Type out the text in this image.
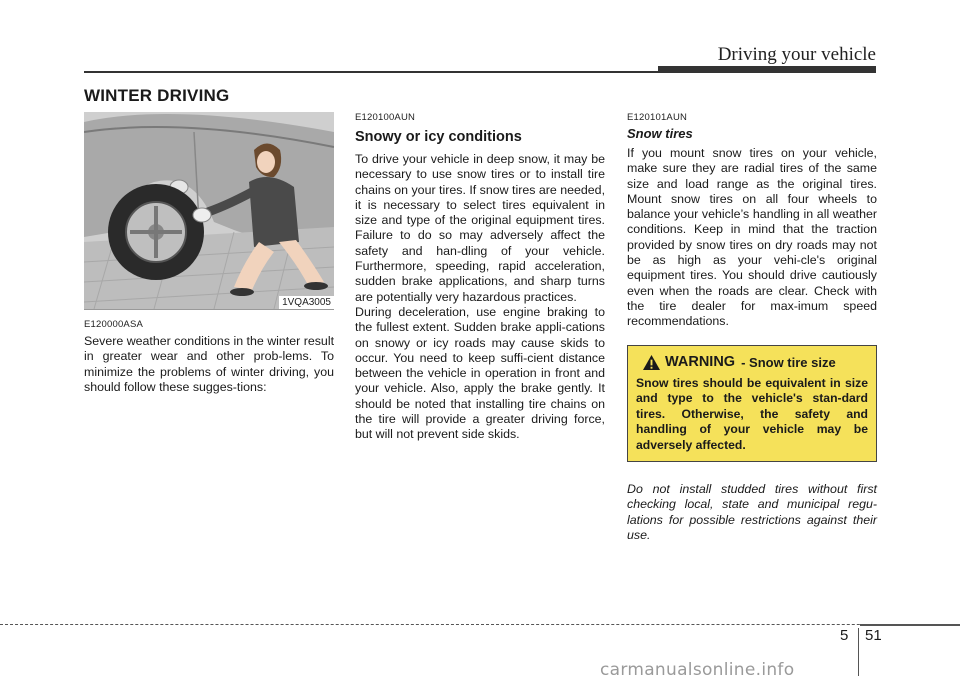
Driving your vehicle
WINTER DRIVING
1VQA3005

E120000ASA

Severe weather conditions in the winter result in greater wear and other prob-lems. To minimize the problems of winter driving, you should follow these sugges-tions:

E120100AUN

Snowy or icy conditions

To drive your vehicle in deep snow, it may be necessary to use snow tires or to install tire chains on your tires. If snow tires are needed, it is necessary to select tires equivalent in size and type of the original equipment tires. Failure to do so may adversely affect the safety and han-dling of your vehicle. Furthermore, speeding, rapid acceleration, sudden brake applications, and sharp turns are potentially very hazardous practices.

During deceleration, use engine braking to the fullest extent. Sudden brake appli-cations on snowy or icy roads may cause skids to occur. You need to keep suffi-cient distance between the vehicle in operation in front and your vehicle. Also, apply the brake gently. It should be noted that installing tire chains on the tire will provide a greater driving force, but will not prevent side skids.

E120101AUN

Snow tires

If you mount snow tires on your vehicle, make sure they are radial tires of the same size and load range as the original tires. Mount snow tires on all four wheels to balance your vehicle’s handling in all weather conditions. Keep in mind that the traction provided by snow tires on dry roads may not be as high as your vehi-cle's original equipment tires. You should drive cautiously even when the roads are clear. Check with the tire dealer for max-imum speed recommendations.

WARNING - Snow tire size

Snow tires should be equivalent in size and type to the vehicle's stan-dard tires. Otherwise, the safety and handling of your vehicle may be adversely affected.

Do not install studded tires without first checking local, state and municipal regu-lations for possible restrictions against their use.

5 51
carmanualsonline.info
